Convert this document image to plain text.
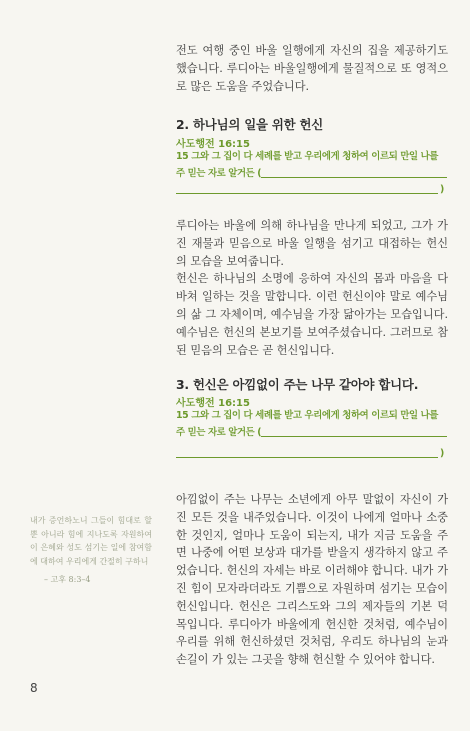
전도 여행 중인 바울 일행에게 자신의 집을 제공하기도 했습니다. 루디아는 바울일행에게 물질적으로 또 영적으로 많은 도움을 주었습니다.

2. 하나님의 일을 위한 헌신
사도행전 16:15
15 그와 그 집이 다 세례를 받고 우리에게 청하여 이르되 만일 나를
주 믿는 자로 알거든 (
)

루디아는 바울에 의해 하나님을 만나게 되었고, 그가 가진 재물과 믿음으로 바울 일행을 섬기고 대접하는 헌신의 모습을 보여줍니다.

헌신은 하나님의 소명에 응하여 자신의 몸과 마음을 다 바쳐 일하는 것을 말합니다. 이런 헌신이야 말로 예수님의 삶 그 자체이며, 예수님을 가장 닮아가는 모습입니다. 예수님은 헌신의 본보기를 보여주셨습니다. 그러므로 참된 믿음의 모습은 곧 헌신입니다.

3. 헌신은 아낌없이 주는 나무 같아야 합니다.
사도행전 16:15
15 그와 그 집이 다 세례를 받고 우리에게 청하여 이르되 만일 나를
주 믿는 자로 알거든 (
)

아낌없이 주는 나무는 소년에게 아무 말없이 자신이 가진 모든 것을 내주었습니다. 이것이 나에게 얼마나 소중한 것인지, 얼마나 도움이 되는지, 내가 지금 도움을 주면 나중에 어떤 보상과 대가를 받을지 생각하지 않고 주었습니다. 헌신의 자세는 바로 이러해야 합니다. 내가 가진 힘이 모자라더라도 기쁨으로 자원하며 섬기는 모습이 헌신입니다. 헌신은 그리스도와 그의 제자들의 기본 덕목입니다. 루디아가 바울에게 헌신한 것처럼, 예수님이 우리를 위해 헌신하셨던 것처럼, 우리도 하나님의 눈과 손길이 가 있는 그곳을 향해 헌신할 수 있어야 합니다.

내가 증언하노니 그들이 힘대로 할 뿐 아니라 힘에 지나도록 자원하여 이 은혜와 성도 섬기는 일에 참여함에 대하여 우리에게 간절히 구하니
– 고후 8:3–4
8
